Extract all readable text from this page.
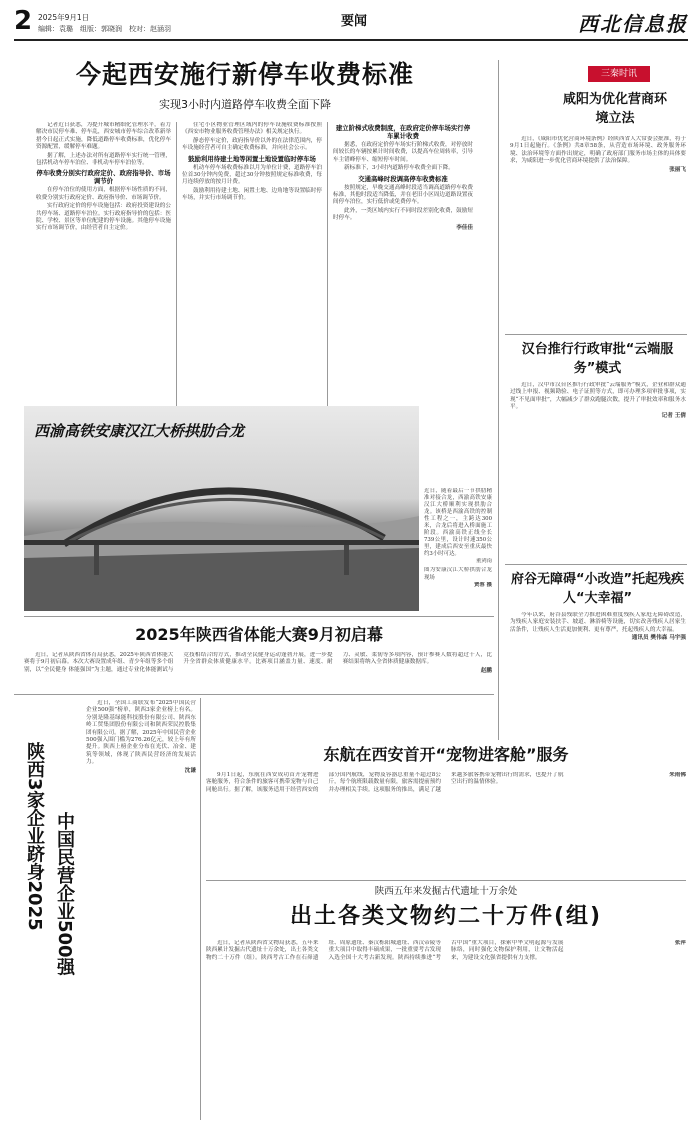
2 2025年9月1日
编辑：袁璐　组版：郭晓润　校对：赵涵羽	要闻	西北信息报
今起西安施行新停车收费标准
实现3小时内道路停车收费全面下降

记者近日获悉，为提升城市精细化管理水平，着力解决市民停车难、停车乱，西安城市停车综合改革新举措今日起正式实施，降低道路停车收费标准，优化停车资源配置，缓解停车难题。

据了解，上述办法对所有道路停车实行统一管理，包括机动车停车泊位、非机动车停车泊位等。

停车收费分别实行政府定价、政府指导价、市场调节价

在停车泊位的使用方面，根据停车场性质的不同，收费分别实行政府定价、政府指导价、市场调节价。

实行政府定价的停车设施包括：政府投资建设的公共停车场、道路停车泊位。实行政府指导价的包括：医院、学校、景区等单位配建的停车设施。其他停车设施实行市场调节价，由经营者自主定价。

住宅小区物业管理区域内的停车设施收费标准按照《西安市物业服务收费管理办法》相关规定执行。

静态停车定价，政府指导价以外的在法律范围内，停车设施经营者可自主确定收费标准，并向社会公示。

鼓励利用待建土地等闲置土地设置临时停车场

机动车停车场收费标准以月为单位计费，道路停车泊位首30分钟内免费，超过30分钟按照规定标准收费，每月连续停放的按月计费。

鼓励利用待建土地、闲置土地、边角地等设置临时停车场，并实行市场调节价。

建立阶梯式收费制度，在政府定价停车场实行停车累计收费

据悉，在政府定价停车场实行阶梯式收费，对停放时间较长的车辆按累计时间收费，以提高车位周转率，引导车主错峰停车、缩短停车时间。

新标准下，3小时内道路停车收费全面下降。

交通高峰时段调高停车收费标准

按照规定，早晚交通高峰时段适当调高道路停车收费标准，其他时段适当降低，并在老旧小区周边道路设置夜间停车泊位，实行低价或免费停车。

此外，一类区域内实行不同时段差别化收费，鼓励短时停车。

李佳佳
西渝高铁安康汉江大桥拱肋合龙
近日，随着最后一节拱肋精准对接合龙，西渝高铁安康汉江大桥顺利实现拱肋合龙。该桥是西渝高铁的控制性工程之一，主跨达300米，合龙后将进入桥面施工阶段。西渝高铁正线全长739公里，设计时速350公里，建成后西安至重庆最快约3小时可达。
董剑南
图为安康汉江大桥拱肋合龙现场
贾蓉 摄
2025年陕西省体能大赛9月初启幕

近日，记者从陕西省体育局获悉，2025年陕西省体能大赛将于9月初启幕。本次大赛设置成年组、青少年组等多个组别，以“全民健身 体能强国”为主题，通过专业化体能测试与竞技相结合的方式，推动全民健身运动蓬勃开展，进一步提升全省群众体质健康水平。比赛项目涵盖力量、速度、耐力、灵敏、柔韧等多项内容，预计参赛人数将超过千人，比赛结果将纳入全省体质健康数据库。

赵鹏
中国民营企业500强
陕西3家企业跻身2025

近日，全国工商联发布“2025中国民营企业500强”榜单，陕西3家企业榜上有名。分别是隆基绿能科技股份有限公司、陕西东岭工贸集团股份有限公司和陕西荣民控股集团有限公司。据了解，2025年中国民营企业500强入围门槛为276.26亿元，较上年有所提升。陕西上榜企业分布在光伏、冶金、建筑等领域，体现了陕西民营经济的发展活力。

沈谦
东航在西安首开“宠物进客舱”服务

9月1日起，东航在西安成功首开宠物进客舱服务，符合条件的旅客可携带宠物与自己同舱出行。据了解，该服务适用于经营西安的部分国内航线，宠物及容器总重量不超过8公斤，每个航班限载数量有限，旅客需提前预约并办理相关手续。这项服务的推出，满足了越来越多旅客携带宠物出行的需求，也提升了航空出行的温情体验。

朱雨佛
陕西五年来发掘古代遗址十万余处
出土各类文物约二十万件(组)

近日，记者从陕西省文物局获悉，五年来陕西累计发掘古代遗址十万余处，出土各类文物约二十万件（组）。陕西考古工作在石峁遗址、周原遗址、秦汉栎阳城遗址、西汉帝陵等重大项目中取得丰硕成果，一批重要考古发现入选全国十大考古新发现。陕西持续推进“考古中国”重大项目，探索中华文明起源与发展脉络，同时强化文物保护利用，让文物活起来，为建设文化强省提供有力支撑。

张萍
三秦时讯
咸阳为优化营商环境立法

近日，《咸阳市优化营商环境条例》经陕西省人大常委会批准，将于9月1日起施行。《条例》共8章58条，从营造市场环境、政务服务环境、法治环境等方面作出规定，明确了政府部门服务市场主体的具体要求，为咸阳进一步优化营商环境提供了法治保障。

张丽飞
汉台推行行政审批“云端服务”模式

近日，汉中市汉台区推行行政审批“云端服务”模式，企业和群众通过线上申报、视频勘验、电子证照等方式，即可办理多项审批事项，实现“不见面审批”，大幅减少了群众跑腿次数，提升了审批效率和服务水平。

记者 王倩
府谷无障碍“小改造”托起残疾人“大幸福”

今年以来，府谷县残联全力推进困难重度残疾人家庭无障碍改造，为残疾人家庭安装扶手、坡道、淋浴椅等设施，切实改善残疾人居家生活条件，让残疾人生活更加便利、更有尊严，托起残疾人的大幸福。

通讯员 樊伟森 马宇强
